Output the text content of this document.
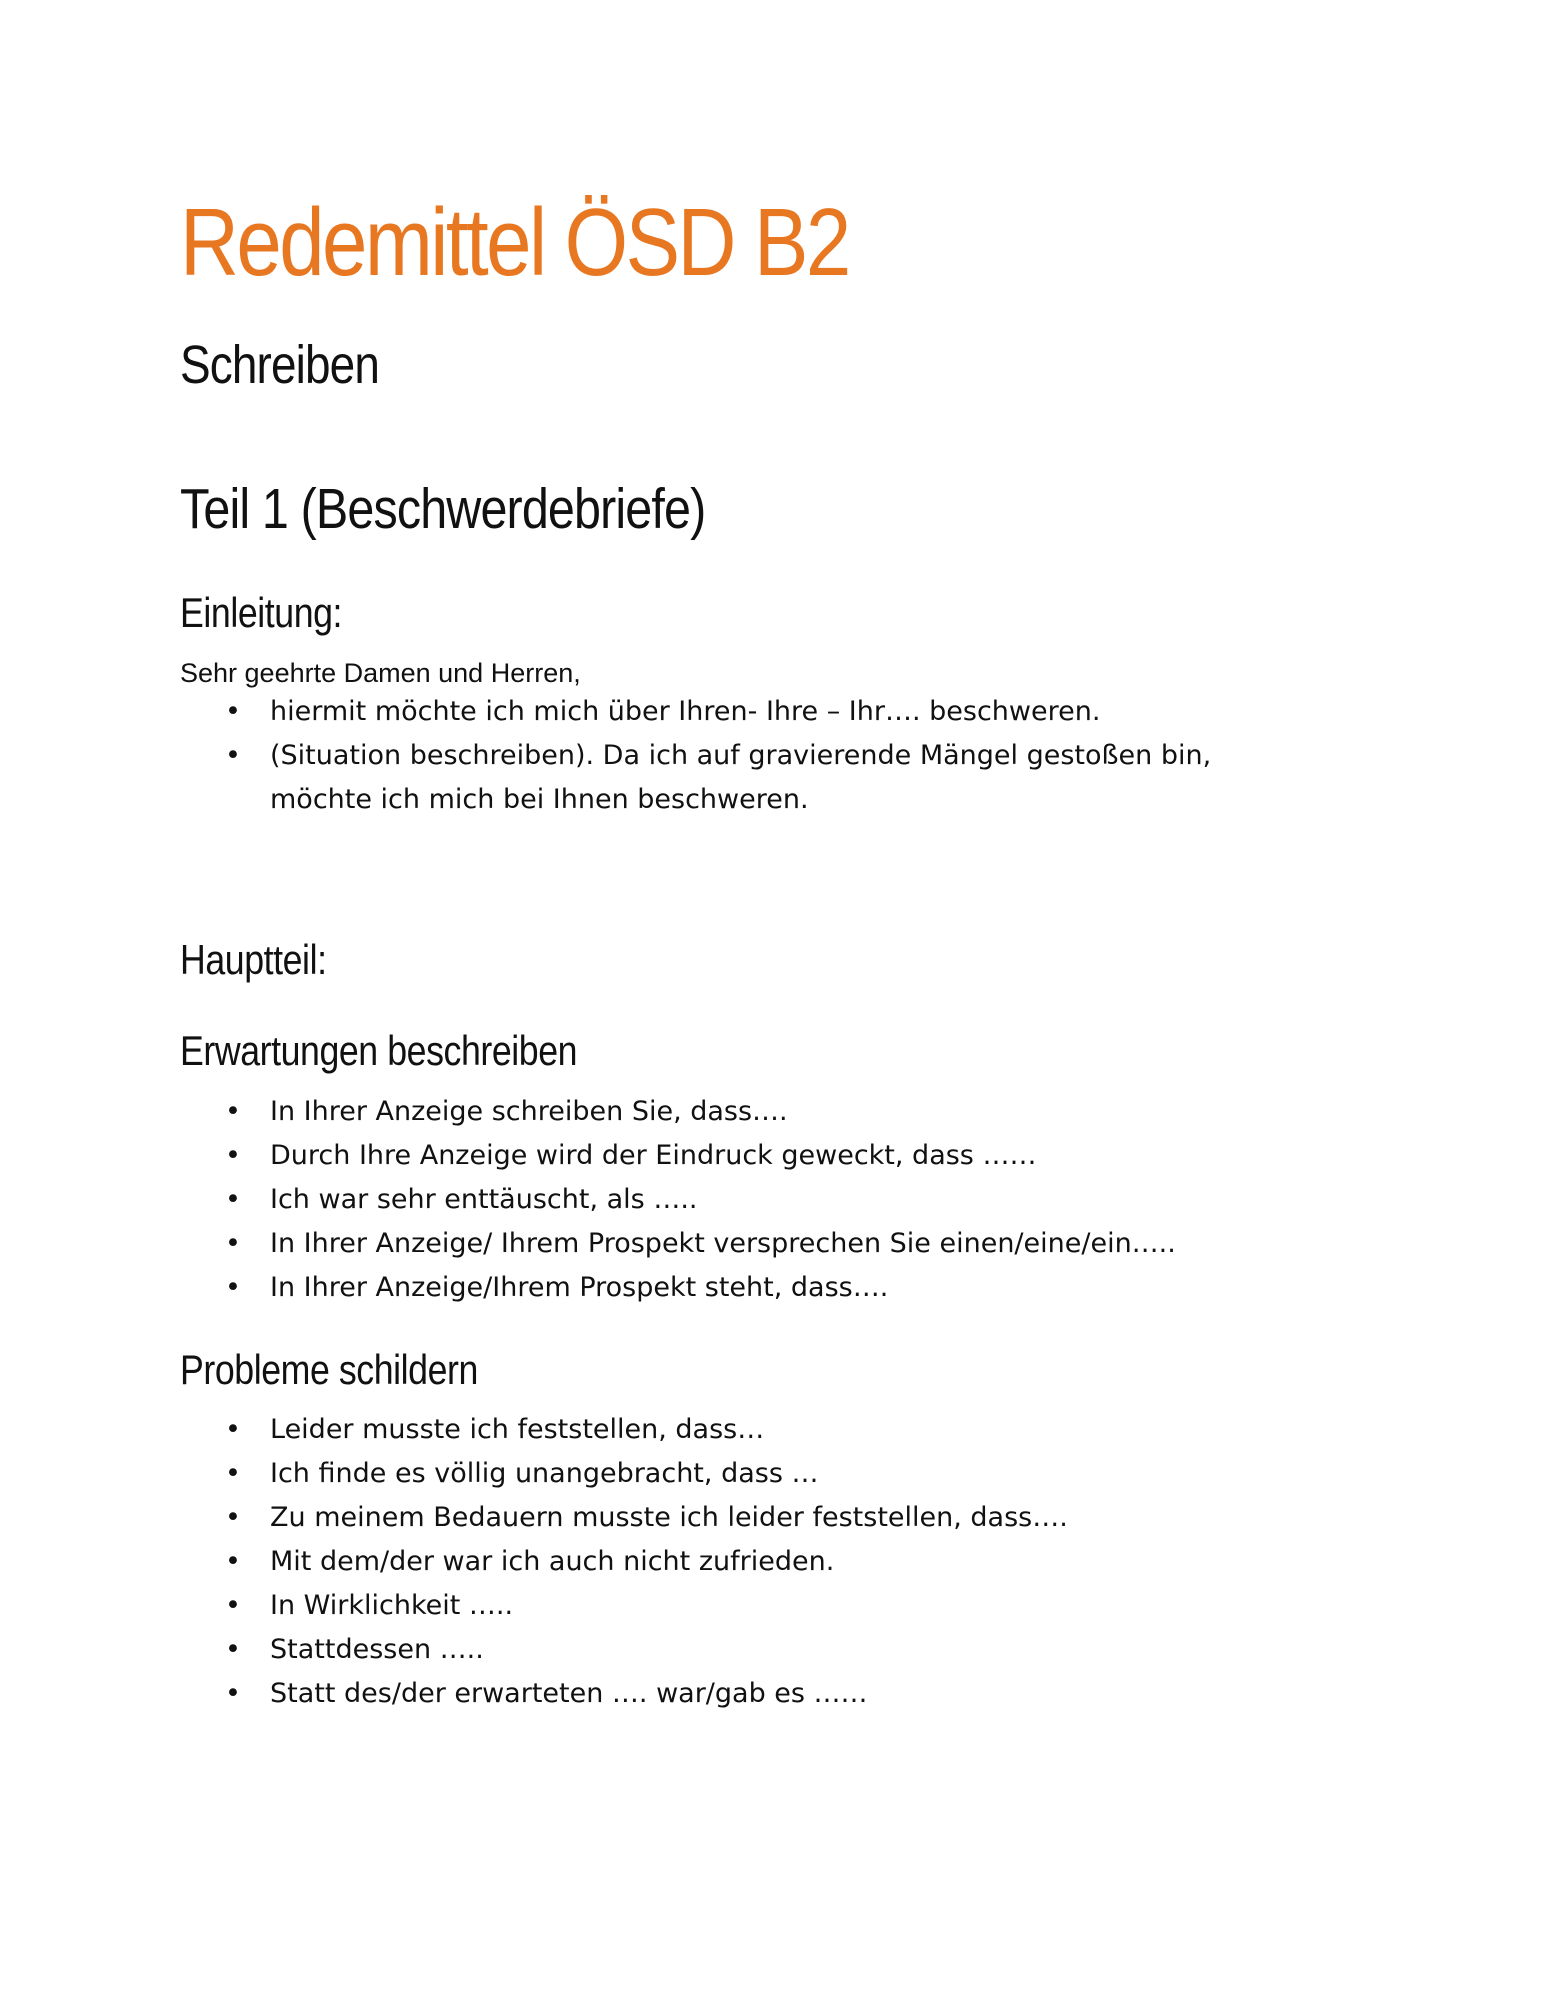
Redemittel ÖSD B2
Schreiben
Teil 1 (Beschwerdebriefe)
Einleitung:

Sehr geehrte Damen und Herren,

• hiermit möchte ich mich über Ihren- Ihre – Ihr…. beschweren.
• (Situation beschreiben). Da ich auf gravierende Mängel gestoßen bin,
möchte ich mich bei Ihnen beschweren.
Hauptteil:
Erwartungen beschreiben
• In Ihrer Anzeige schreiben Sie, dass….
• Durch Ihre Anzeige wird der Eindruck geweckt, dass ……
• Ich war sehr enttäuscht, als …..
• In Ihrer Anzeige/ Ihrem Prospekt versprechen Sie einen/eine/ein…..
• In Ihrer Anzeige/Ihrem Prospekt steht, dass….
Probleme schildern
• Leider musste ich feststellen, dass…
• Ich finde es völlig unangebracht, dass …
• Zu meinem Bedauern musste ich leider feststellen, dass….
• Mit dem/der war ich auch nicht zufrieden.
• In Wirklichkeit …..
• Stattdessen …..
• Statt des/der erwarteten …. war/gab es ……
